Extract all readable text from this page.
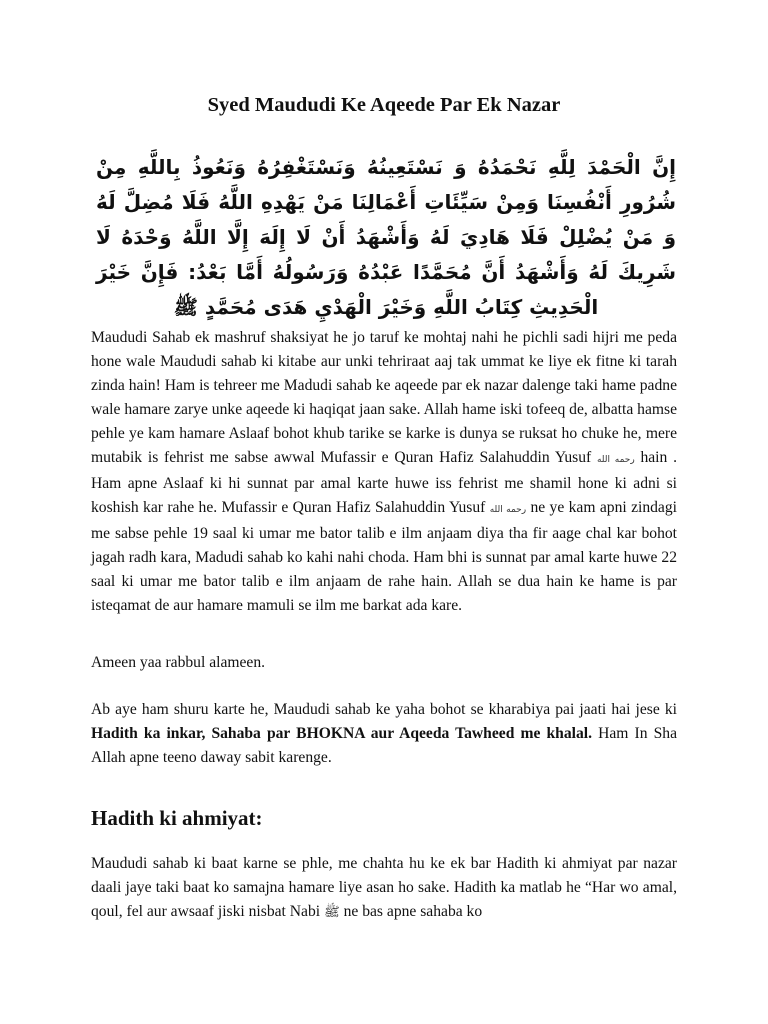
Syed Maududi Ke Aqeede Par Ek Nazar

إِنَّ الْحَمْدَ لِلَّهِ نَحْمَدُهُ وَ نَسْتَعِينُهُ وَنَسْتَغْفِرُهُ وَنَعُوذُ بِاللَّهِ مِنْ شُرُورِ أَنْفُسِنَا وَمِنْ سَيِّئَاتِ أَعْمَالِنَا مَنْ يَهْدِهِ اللَّهُ فَلَا مُضِلَّ لَهُ وَ مَنْ يُضْلِلْ فَلَا هَادِيَ لَهُ وَأَشْهَدُ أَنْ لَا إِلَهَ إِلَّا اللَّهُ وَحْدَهُ لَا شَرِيكَ لَهُ وَأَشْهَدُ أَنَّ مُحَمَّدًا عَبْدُهُ وَرَسُولُهُ أَمَّا بَعْدُ: فَإِنَّ خَيْرَ الْحَدِيثِ كِتَابُ اللَّهِ وَخَيْرَ الْهَدْيِ هَدَى مُحَمَّدٍ ﷺ

Maududi Sahab ek mashruf shaksiyat he jo taruf ke mohtaj nahi he pichli sadi hijri me peda hone wale Maududi sahab ki kitabe aur unki tehriraat aaj tak ummat ke liye ek fitne ki tarah zinda hain! Ham is tehreer me Madudi sahab ke aqeede par ek nazar dalenge taki hame padne wale hamare zarye unke aqeede ki haqiqat jaan sake. Allah hame iski tofeeq de, albatta hamse pehle ye kam hamare Aslaaf bohot khub tarike se karke is dunya se ruksat ho chuke he, mere mutabik is fehrist me sabse awwal Mufassir e Quran Hafiz Salahuddin Yusuf رحمه الله hain . Ham apne Aslaaf ki hi sunnat par amal karte huwe iss fehrist me shamil hone ki adni si koshish kar rahe he. Mufassir e Quran Hafiz Salahuddin Yusuf رحمه الله ne ye kam apni zindagi me sabse pehle 19 saal ki umar me bator talib e ilm anjaam diya tha fir aage chal kar bohot jagah radh kara, Madudi sahab ko kahi nahi choda. Ham bhi is sunnat par amal karte huwe 22 saal ki umar me bator talib e ilm anjaam de rahe hain. Allah se dua hain ke hame is par isteqamat de aur hamare mamuli se ilm me barkat ada kare.

Ameen yaa rabbul alameen.

Ab aye ham shuru karte he, Maududi sahab ke yaha bohot se kharabiya pai jaati hai jese ki Hadith ka inkar, Sahaba par BHOKNA aur Aqeeda Tawheed me khalal. Ham In Sha Allah apne teeno daway sabit karenge.

Hadith ki ahmiyat:

Maududi sahab ki baat karne se phle, me chahta hu ke ek bar Hadith ki ahmiyat par nazar daali jaye taki baat ko samajna hamare liye asan ho sake. Hadith ka matlab he “Har wo amal, qoul, fel aur awsaaf jiski nisbat Nabi ﷺ ne bas apne sahaba ko
